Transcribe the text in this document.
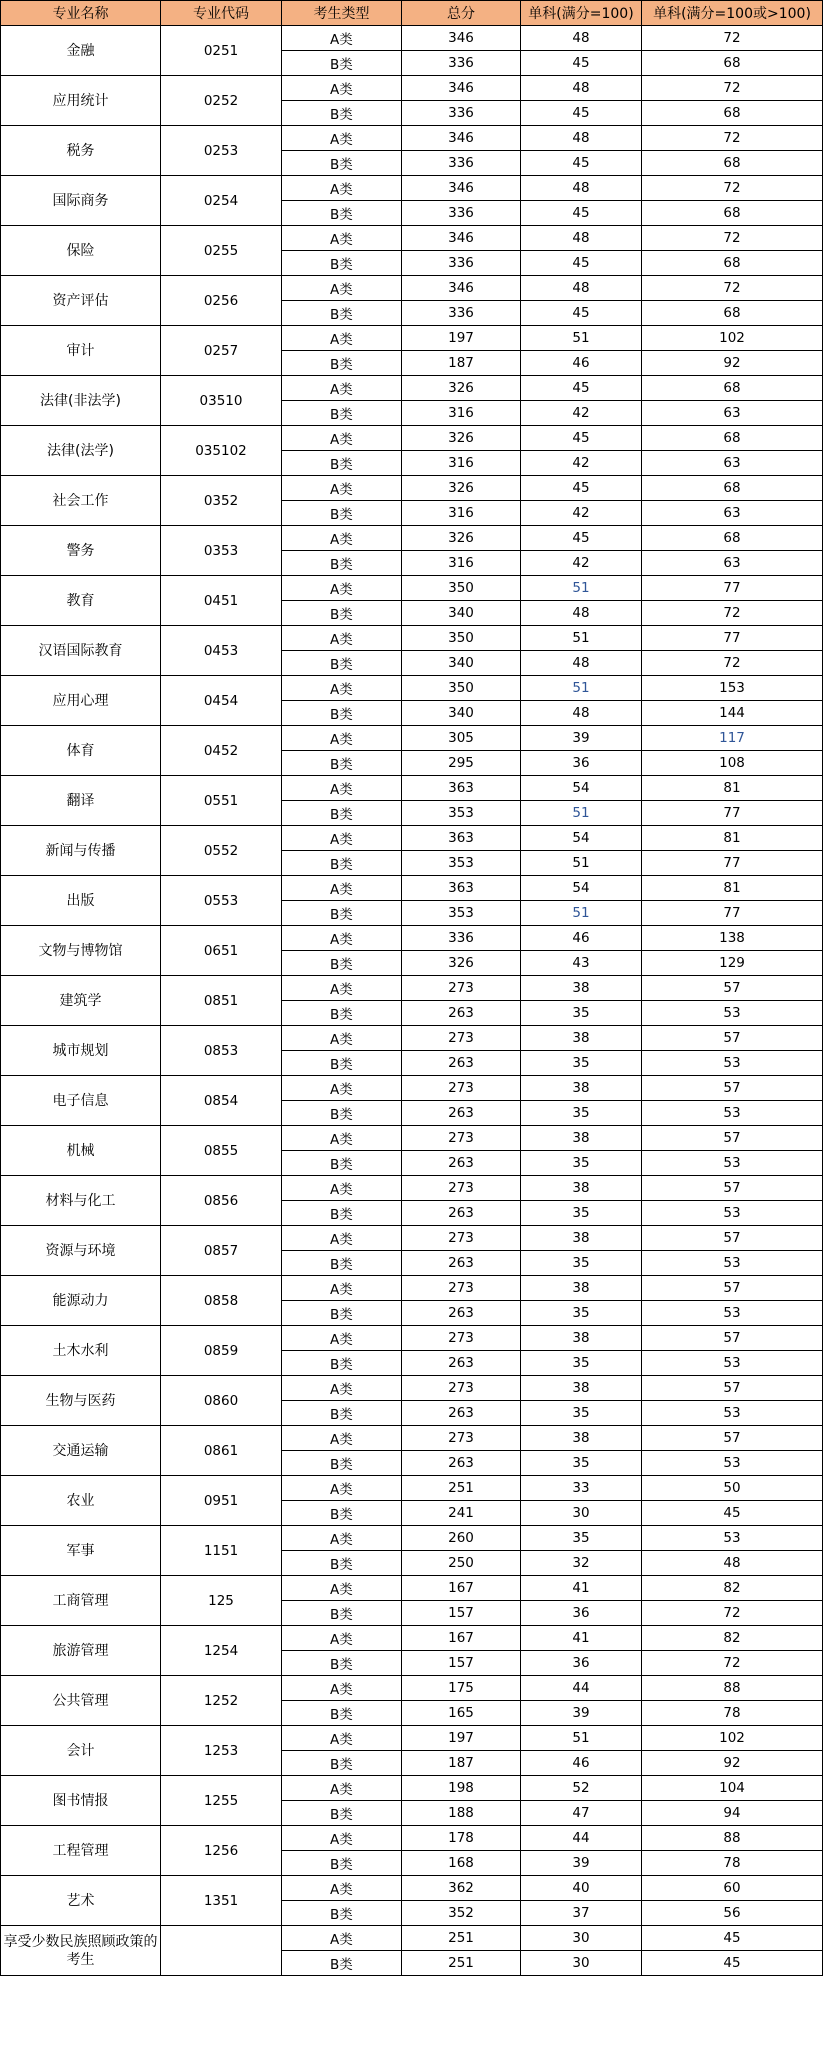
专业名称	专业代码	考生类型	总分	单科(满分=100)	单科(满分=100或>100)
金融	0251	A类	346	48	72
		B类	336	45	68
应用统计	0252	A类	346	48	72
		B类	336	45	68
税务	0253	A类	346	48	72
		B类	336	45	68
国际商务	0254	A类	346	48	72
		B类	336	45	68
保险	0255	A类	346	48	72
		B类	336	45	68
资产评估	0256	A类	346	48	72
		B类	336	45	68
审计	0257	A类	197	51	102
		B类	187	46	92
法律(非法学)	03510	A类	326	45	68
		B类	316	42	63
法律(法学)	035102	A类	326	45	68
		B类	316	42	63
社会工作	0352	A类	326	45	68
		B类	316	42	63
警务	0353	A类	326	45	68
		B类	316	42	63
教育	0451	A类	350	51	77
		B类	340	48	72
汉语国际教育	0453	A类	350	51	77
		B类	340	48	72
应用心理	0454	A类	350	51	153
		B类	340	48	144
体育	0452	A类	305	39	117
		B类	295	36	108
翻译	0551	A类	363	54	81
		B类	353	51	77
新闻与传播	0552	A类	363	54	81
		B类	353	51	77
出版	0553	A类	363	54	81
		B类	353	51	77
文物与博物馆	0651	A类	336	46	138
		B类	326	43	129
建筑学	0851	A类	273	38	57
		B类	263	35	53
城市规划	0853	A类	273	38	57
		B类	263	35	53
电子信息	0854	A类	273	38	57
		B类	263	35	53
机械	0855	A类	273	38	57
		B类	263	35	53
材料与化工	0856	A类	273	38	57
		B类	263	35	53
资源与环境	0857	A类	273	38	57
		B类	263	35	53
能源动力	0858	A类	273	38	57
		B类	263	35	53
土木水利	0859	A类	273	38	57
		B类	263	35	53
生物与医药	0860	A类	273	38	57
		B类	263	35	53
交通运输	0861	A类	273	38	57
		B类	263	35	53
农业	0951	A类	251	33	50
		B类	241	30	45
军事	1151	A类	260	35	53
		B类	250	32	48
工商管理	125	A类	167	41	82
		B类	157	36	72
旅游管理	1254	A类	167	41	82
		B类	157	36	72
公共管理	1252	A类	175	44	88
		B类	165	39	78
会计	1253	A类	197	51	102
		B类	187	46	92
图书情报	1255	A类	198	52	104
		B类	188	47	94
工程管理	1256	A类	178	44	88
		B类	168	39	78
艺术	1351	A类	362	40	60
		B类	352	37	56
享受少数民族照顾政策的考生		A类	251	30	45
		B类	251	30	45
